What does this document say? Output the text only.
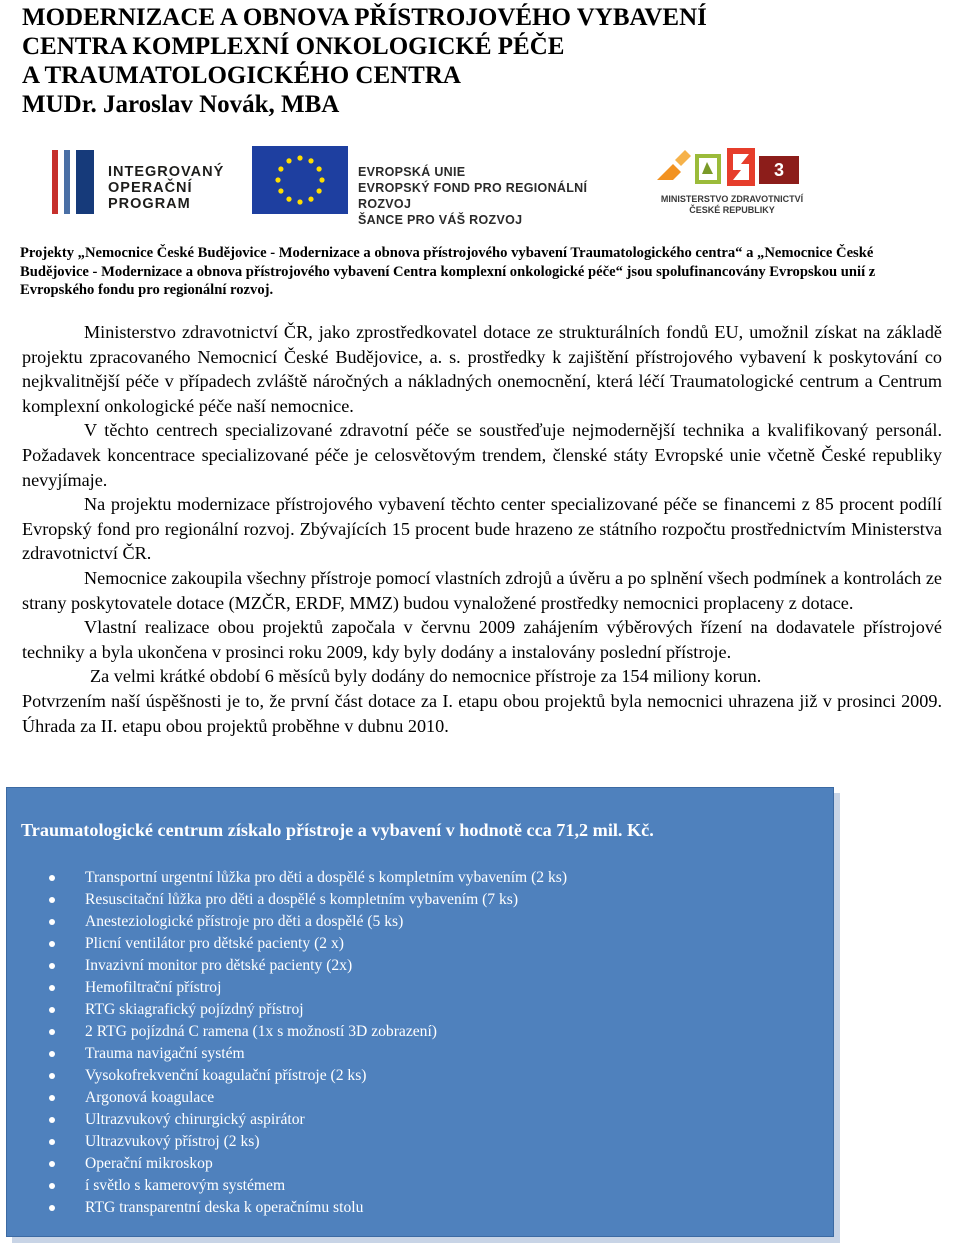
MODERNIZACE A OBNOVA PŘÍSTROJOVÉHO VYBAVENÍ
CENTRA KOMPLEXNÍ ONKOLOGICKÉ PÉČE
A TRAUMATOLOGICKÉHO CENTRA
MUDr. Jaroslav Novák, MBA
INTEGROVANÝ
OPERAČNÍ
PROGRAM
EVROPSKÁ UNIE
EVROPSKÝ FOND PRO REGIONÁLNÍ ROZVOJ
ŠANCE PRO VÁŠ ROZVOJ
3
MINISTERSTVO ZDRAVOTNICTVÍ
ČESKÉ REPUBLIKY

Projekty „Nemocnice České Budějovice - Modernizace a obnova přístrojového vybavení Traumatologického centra“ a „Nemocnice České Budějovice - Modernizace a obnova přístrojového vybavení Centra komplexní onkologické péče“ jsou spolufinancovány Evropskou unií z Evropského fondu pro regionální rozvoj.

Ministerstvo zdravotnictví ČR, jako zprostředkovatel dotace ze strukturálních fondů EU, umožnil získat na základě projektu zpracovaného Nemocnicí České Budějovice, a. s. prostředky k zajištění přístrojového vybavení k poskytování co nejkvalitnější péče v případech zvláště náročných a nákladných onemocnění, která léčí Traumatologické centrum a Centrum komplexní onkologické péče naší nemocnice.

V těchto centrech specializované zdravotní péče se soustřeďuje nejmodernější technika a kvalifikovaný personál. Požadavek koncentrace specializované péče je celosvětovým trendem, členské státy Evropské unie včetně České republiky nevyjímaje.

Na projektu modernizace přístrojového vybavení těchto center specializované péče se financemi z 85 procent podílí Evropský fond pro regionální rozvoj. Zbývajících 15 procent bude hrazeno ze státního rozpočtu prostřednictvím Ministerstva zdravotnictví ČR.

Nemocnice zakoupila všechny přístroje pomocí vlastních zdrojů a úvěru a po splnění všech podmínek a kontrolách ze strany poskytovatele dotace (MZČR, ERDF, MMZ) budou vynaložené prostředky nemocnici proplaceny z dotace.

Vlastní realizace obou projektů započala v červnu 2009 zahájením výběrových řízení na dodavatele přístrojové techniky a byla ukončena v prosinci roku 2009, kdy byly dodány a instalovány poslední přístroje.

Za velmi krátké období 6 měsíců byly dodány do nemocnice přístroje za 154 miliony korun.

Potvrzením naší úspěšnosti je to, že první část dotace za I. etapu obou projektů byla nemocnici uhrazena již v prosinci 2009. Úhrada za II. etapu obou projektů proběhne v dubnu 2010.

Traumatologické centrum získalo přístroje a vybavení v hodnotě cca 71,2 mil. Kč.

Transportní urgentní lůžka pro děti a dospělé s kompletním vybavením (2 ks)
Resuscitační lůžka pro děti a dospělé s kompletním vybavením (7 ks)
Anesteziologické přístroje pro děti a dospělé (5 ks)
Plicní ventilátor pro dětské pacienty (2 x)
Invazivní monitor pro dětské pacienty (2x)
Hemofiltrační přístroj
RTG skiagrafický pojízdný přístroj
2 RTG pojízdná C ramena (1x s možností 3D zobrazení)
Trauma navigační systém
Vysokofrekvenční koagulační přístroje (2 ks)
Argonová koagulace
Ultrazvukový chirurgický aspirátor
Ultrazvukový přístroj (2 ks)
Operační mikroskop
í světlo s kamerovým systémem
RTG transparentní deska k operačnímu stolu
